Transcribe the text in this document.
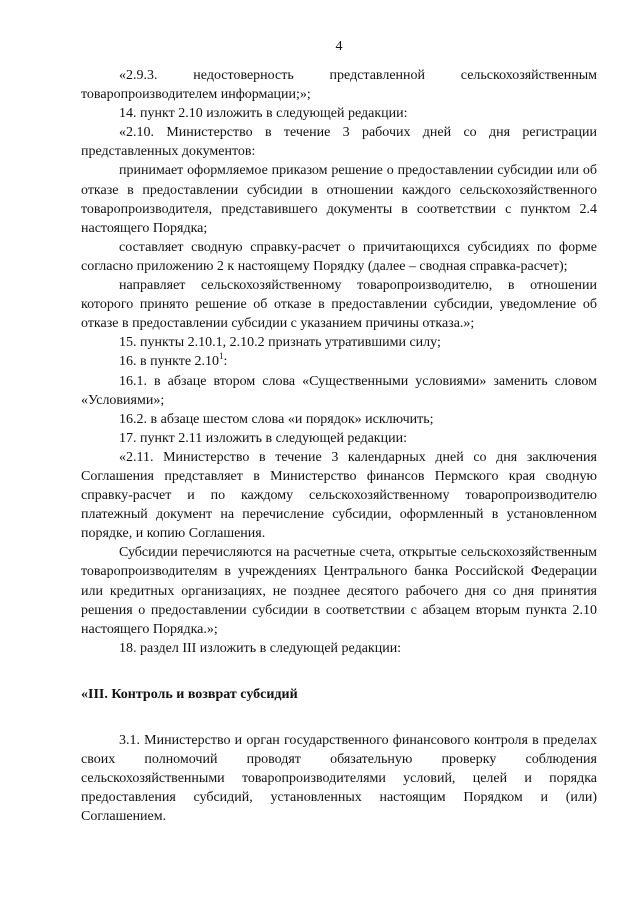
4

«2.9.3. недостоверность представленной сельскохозяйственным товаропроизводителем информации;»;

14. пункт 2.10 изложить в следующей редакции:

«2.10. Министерство в течение 3 рабочих дней со дня регистрации представленных документов:

принимает оформляемое приказом решение о предоставлении субсидии или об отказе в предоставлении субсидии в отношении каждого сельскохозяйственного товаропроизводителя, представившего документы в соответствии с пунктом 2.4 настоящего Порядка;

составляет сводную справку-расчет о причитающихся субсидиях по форме согласно приложению 2 к настоящему Порядку (далее – сводная справка-расчет);

направляет сельскохозяйственному товаропроизводителю, в отношении которого принято решение об отказе в предоставлении субсидии, уведомление об отказе в предоставлении субсидии с указанием причины отказа.»;

15. пункты 2.10.1, 2.10.2 признать утратившими силу;

16. в пункте 2.10$^1$:

16.1. в абзаце втором слова «Существенными условиями» заменить словом «Условиями»;

16.2. в абзаце шестом слова «и порядок» исключить;

17. пункт 2.11 изложить в следующей редакции:

«2.11. Министерство в течение 3 календарных дней со дня заключения Соглашения представляет в Министерство финансов Пермского края сводную справку-расчет и по каждому сельскохозяйственному товаропроизводителю платежный документ на перечисление субсидии, оформленный в установленном порядке, и копию Соглашения.

Субсидии перечисляются на расчетные счета, открытые сельскохозяйственным товаропроизводителям в учреждениях Центрального банка Российской Федерации или кредитных организациях, не позднее десятого рабочего дня со дня принятия решения о предоставлении субсидии в соответствии с абзацем вторым пункта 2.10 настоящего Порядка.»;

18. раздел III изложить в следующей редакции:

«III. Контроль и возврат субсидий

3.1. Министерство и орган государственного финансового контроля в пределах своих полномочий проводят обязательную проверку соблюдения сельскохозяйственными товаропроизводителями условий, целей и порядка предоставления субсидий, установленных настоящим Порядком и (или) Соглашением.
